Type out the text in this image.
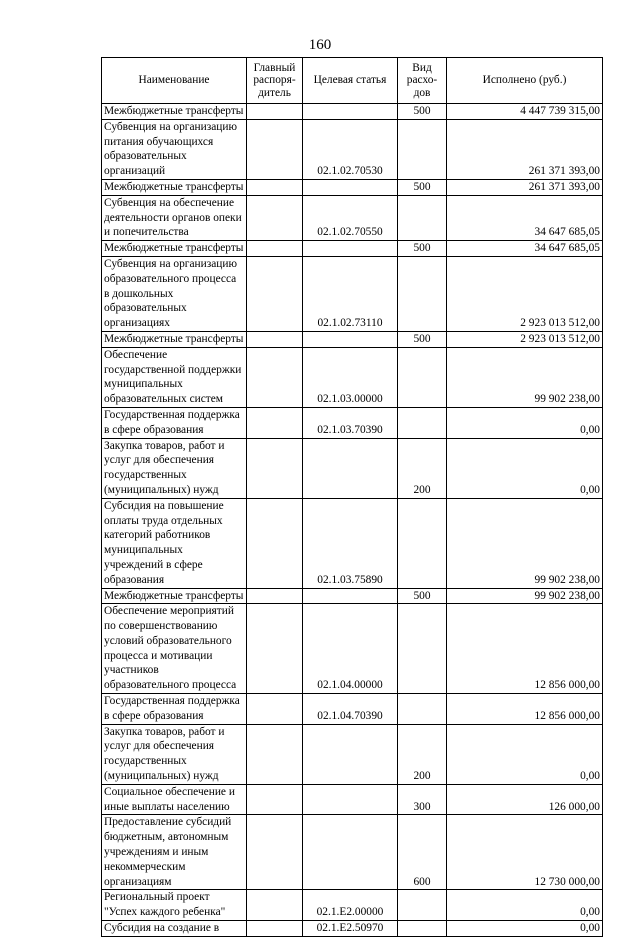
160
Наименование	Главный распоря-дитель	Целевая статья	Вид расхо-дов	Исполнено (руб.)
Межбюджетные трансферты			500	4 447 739 315,00
Субвенция на организацию питания обучающихся образовательных организаций		02.1.02.70530		261 371 393,00
Межбюджетные трансферты			500	261 371 393,00
Субвенция на обеспечение деятельности органов опеки и попечительства		02.1.02.70550		34 647 685,05
Межбюджетные трансферты			500	34 647 685,05
Субвенция на организацию образовательного процесса в дошкольных образовательных организациях		02.1.02.73110		2 923 013 512,00
Межбюджетные трансферты			500	2 923 013 512,00
Обеспечение государственной поддержки муниципальных образовательных систем		02.1.03.00000		99 902 238,00
Государственная поддержка в сфере образования		02.1.03.70390		0,00
Закупка товаров, работ и услуг для обеспечения государственных (муниципальных) нужд			200	0,00
Субсидия на повышение оплаты труда отдельных категорий работников муниципальных учреждений в сфере образования		02.1.03.75890		99 902 238,00
Межбюджетные трансферты			500	99 902 238,00
Обеспечение мероприятий по совершенствованию условий образовательного процесса и мотивации участников образовательного процесса		02.1.04.00000		12 856 000,00
Государственная поддержка в сфере образования		02.1.04.70390		12 856 000,00
Закупка товаров, работ и услуг для обеспечения государственных (муниципальных) нужд			200	0,00
Социальное обеспечение и иные выплаты населению			300	126 000,00
Предоставление субсидий бюджетным, автономным учреждениям и иным некоммерческим организациям			600	12 730 000,00
Региональный проект "Успех каждого ребенка"		02.1.E2.00000		0,00
Субсидия на создание в		02.1.E2.50970		0,00
